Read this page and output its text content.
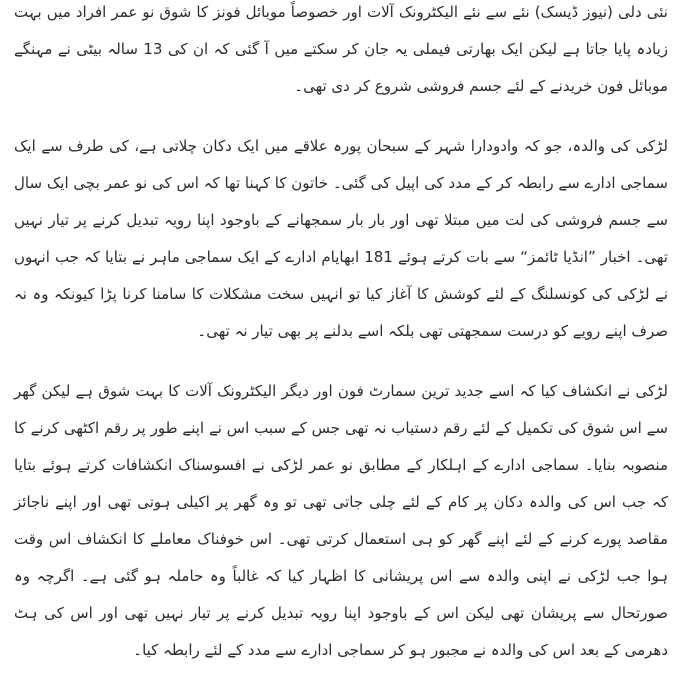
نئی دلی (نیوز ڈیسک) نئے سے نئے الیکٹرونک آلات اور خصوصاً موبائل فونز کا شوق نو عمر افراد میں بہت زیادہ پایا جاتا ہے لیکن ایک بھارتی فیملی یہ جان کر سکتے میں آ گئی کہ ان کی 13 سالہ بیٹی نے مہنگے موبائل فون خریدنے کے لئے جسم فروشی شروع کر دی تھی۔

لڑکی کی والدہ، جو کہ وادودارا شہر کے سبحان پورہ علاقے میں ایک دکان چلاتی ہے، کی طرف سے ایک سماجی ادارے سے رابطہ کر کے مدد کی اپیل کی گئی۔ خاتون کا کہنا تھا کہ اس کی نو عمر بچی ایک سال سے جسم فروشی کی لت میں مبتلا تھی اور بار بار سمجھانے کے باوجود اپنا رویہ تبدیل کرنے پر تیار نہیں تھی۔ اخبار ”انڈیا ٹائمز“ سے بات کرتے ہوئے 181 ابھایام ادارے کے ایک سماجی ماہر نے بتایا کہ جب انہوں نے لڑکی کی کونسلنگ کے لئے کوشش کا آغاز کیا تو انہیں سخت مشکلات کا سامنا کرنا پڑا کیونکہ وہ نہ صرف اپنے رویے کو درست سمجھتی تھی بلکہ اسے بدلنے پر بھی تیار نہ تھی۔

لڑکی نے انکشاف کیا کہ اسے جدید ترین سمارٹ فون اور دیگر الیکٹرونک آلات کا بہت شوق ہے لیکن گھر سے اس شوق کی تکمیل کے لئے رقم دستیاب نہ تھی جس کے سبب اس نے اپنے طور پر رقم اکٹھی کرنے کا منصوبہ بنایا۔ سماجی ادارے کے اہلکار کے مطابق نو عمر لڑکی نے افسوسناک انکشافات کرتے ہوئے بتایا کہ جب اس کی والدہ دکان پر کام کے لئے چلی جاتی تھی تو وہ گھر پر اکیلی ہوتی تھی اور اپنے ناجائز مقاصد پورے کرنے کے لئے اپنے گھر کو ہی استعمال کرتی تھی۔ اس خوفناک معاملے کا انکشاف اس وقت ہوا جب لڑکی نے اپنی والدہ سے اس پریشانی کا اظہار کیا کہ غالباً وہ حاملہ ہو گئی ہے۔ اگرچہ وہ صورتحال سے پریشان تھی لیکن اس کے باوجود اپنا رویہ تبدیل کرنے پر تیار نہیں تھی اور اس کی ہٹ دھرمی کے بعد اس کی والدہ نے مجبور ہو کر سماجی ادارے سے مدد کے لئے رابطہ کیا۔
